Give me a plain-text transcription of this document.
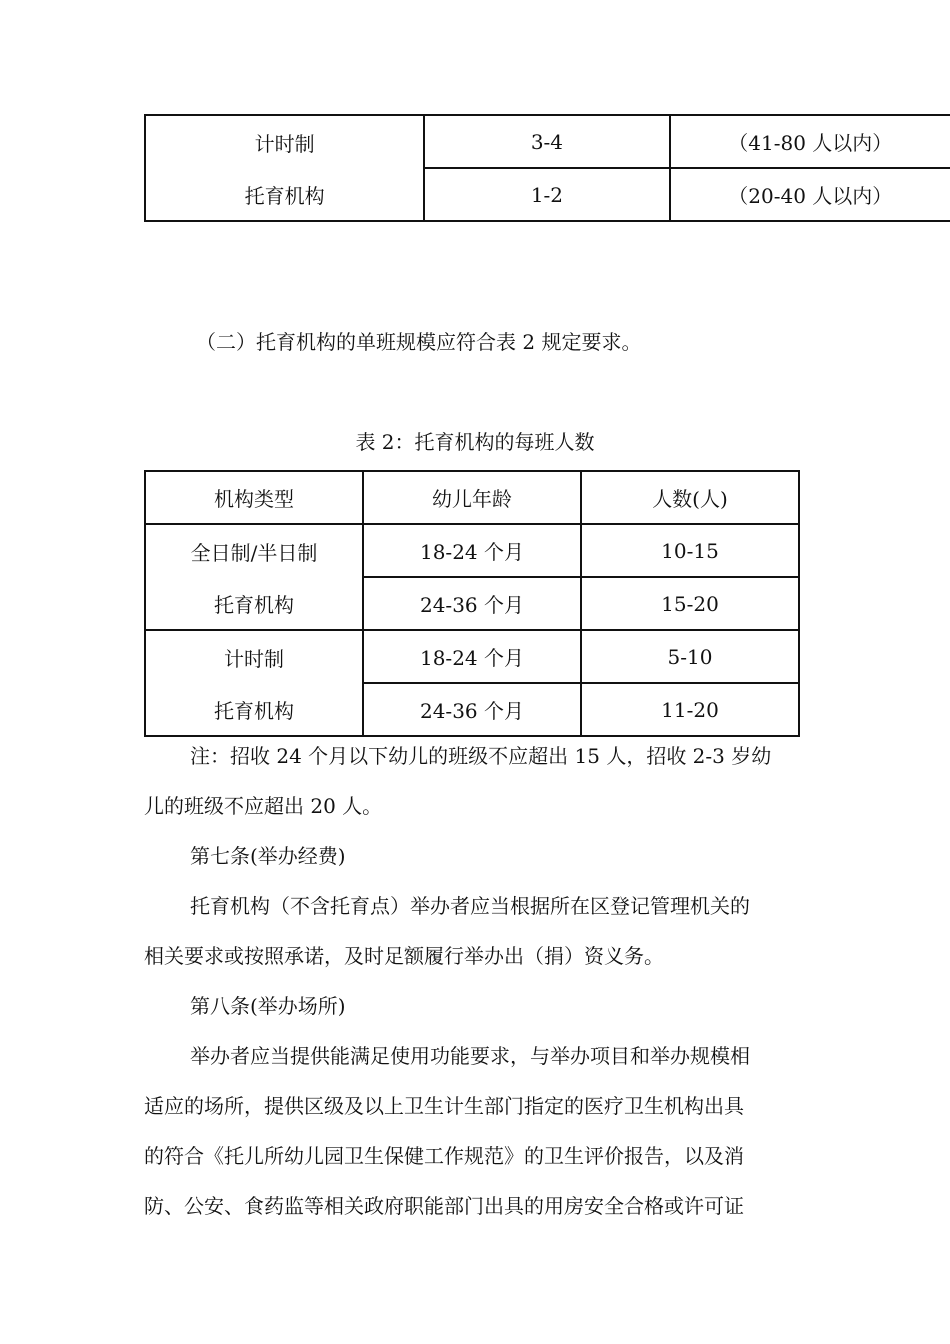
计时制	3-4	（41-80 人以内）
托育机构	1-2	（20-40 人以内）
（二）托育机构的单班规模应符合表 2 规定要求。
表 2：托育机构的每班人数
机构类型	幼儿年龄	人数(人)
全日制/半日制	18-24 个月	10-15
托育机构	24-36 个月	15-20
计时制	18-24 个月	5-10
托育机构	24-36 个月	11-20
注：招收 24 个月以下幼儿的班级不应超出 15 人，招收 2-3 岁幼
儿的班级不应超出 20 人。
第七条(举办经费)
托育机构（不含托育点）举办者应当根据所在区登记管理机关的
相关要求或按照承诺，及时足额履行举办出（捐）资义务。
第八条(举办场所)
举办者应当提供能满足使用功能要求，与举办项目和举办规模相
适应的场所，提供区级及以上卫生计生部门指定的医疗卫生机构出具
的符合《托儿所幼儿园卫生保健工作规范》的卫生评价报告，以及消
防、公安、食药监等相关政府职能部门出具的用房安全合格或许可证
